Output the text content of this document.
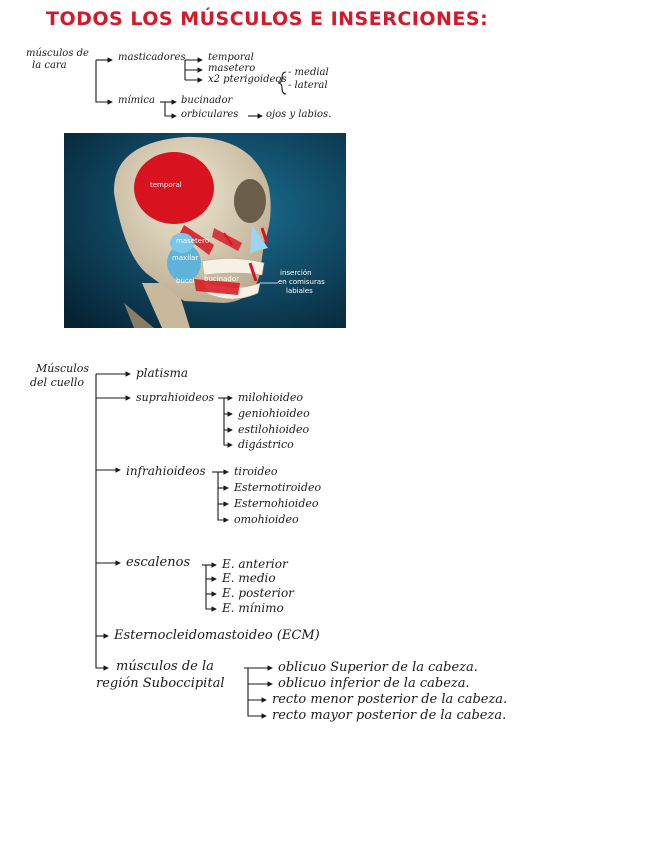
TODOS LOS MÚSCULOS E INSERCIONES:
músculos de
la cara
masticadores temporal
masetero
x2 pterigoideos
- medial
- lateral
mímica	bucinador
orbiculares	ojos y labios.
temporal
masetero
maxilar
bucci bucinador
inserción
en comisuras
labiales
Músculos
del cuello
platisma
suprahioideos milohioideo
geniohioideo
estilohioideo
digástrico
infrahioideos	tiroideo
Esternotiroideo
Esternohioideo
omohioideo
escalenos	E. anterior
E. medio
E. posterior
E. mínimo
Esternocleidomastoideo (ECM)
músculos de la
región Suboccipital
oblicuo Superior de la cabeza.
oblicuo inferior de la cabeza.
recto menor posterior de la cabeza.
recto mayor posterior de la cabeza.
